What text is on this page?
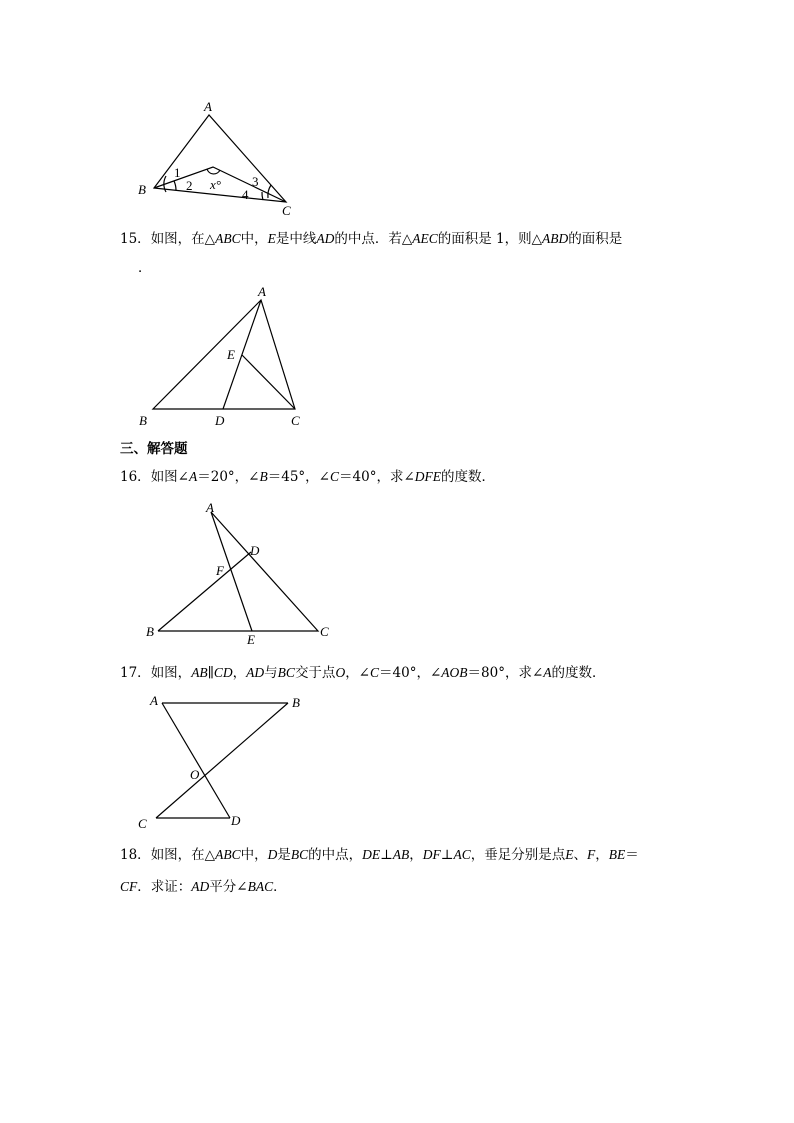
A
B
C
1
2 x° 3
4
15．如图，在△ABC中，E是中线AD的中点．若△AEC的面积是 1，则△ABD的面积是
．
A
B	C
D
E
三、解答题
16．如图∠A＝20°，∠B＝45°，∠C＝40°，求∠DFE的度数．
A
B	C
D
E
F
17．如图，AB∥CD，AD与BC交于点O，∠C＝40°，∠AOB＝80°，求∠A的度数．
A	B
C	D
O
18．如图，在△ABC中，D是BC的中点，DE⊥AB，DF⊥AC，垂足分别是点E、F，BE＝
CF．求证：AD平分∠BAC．
